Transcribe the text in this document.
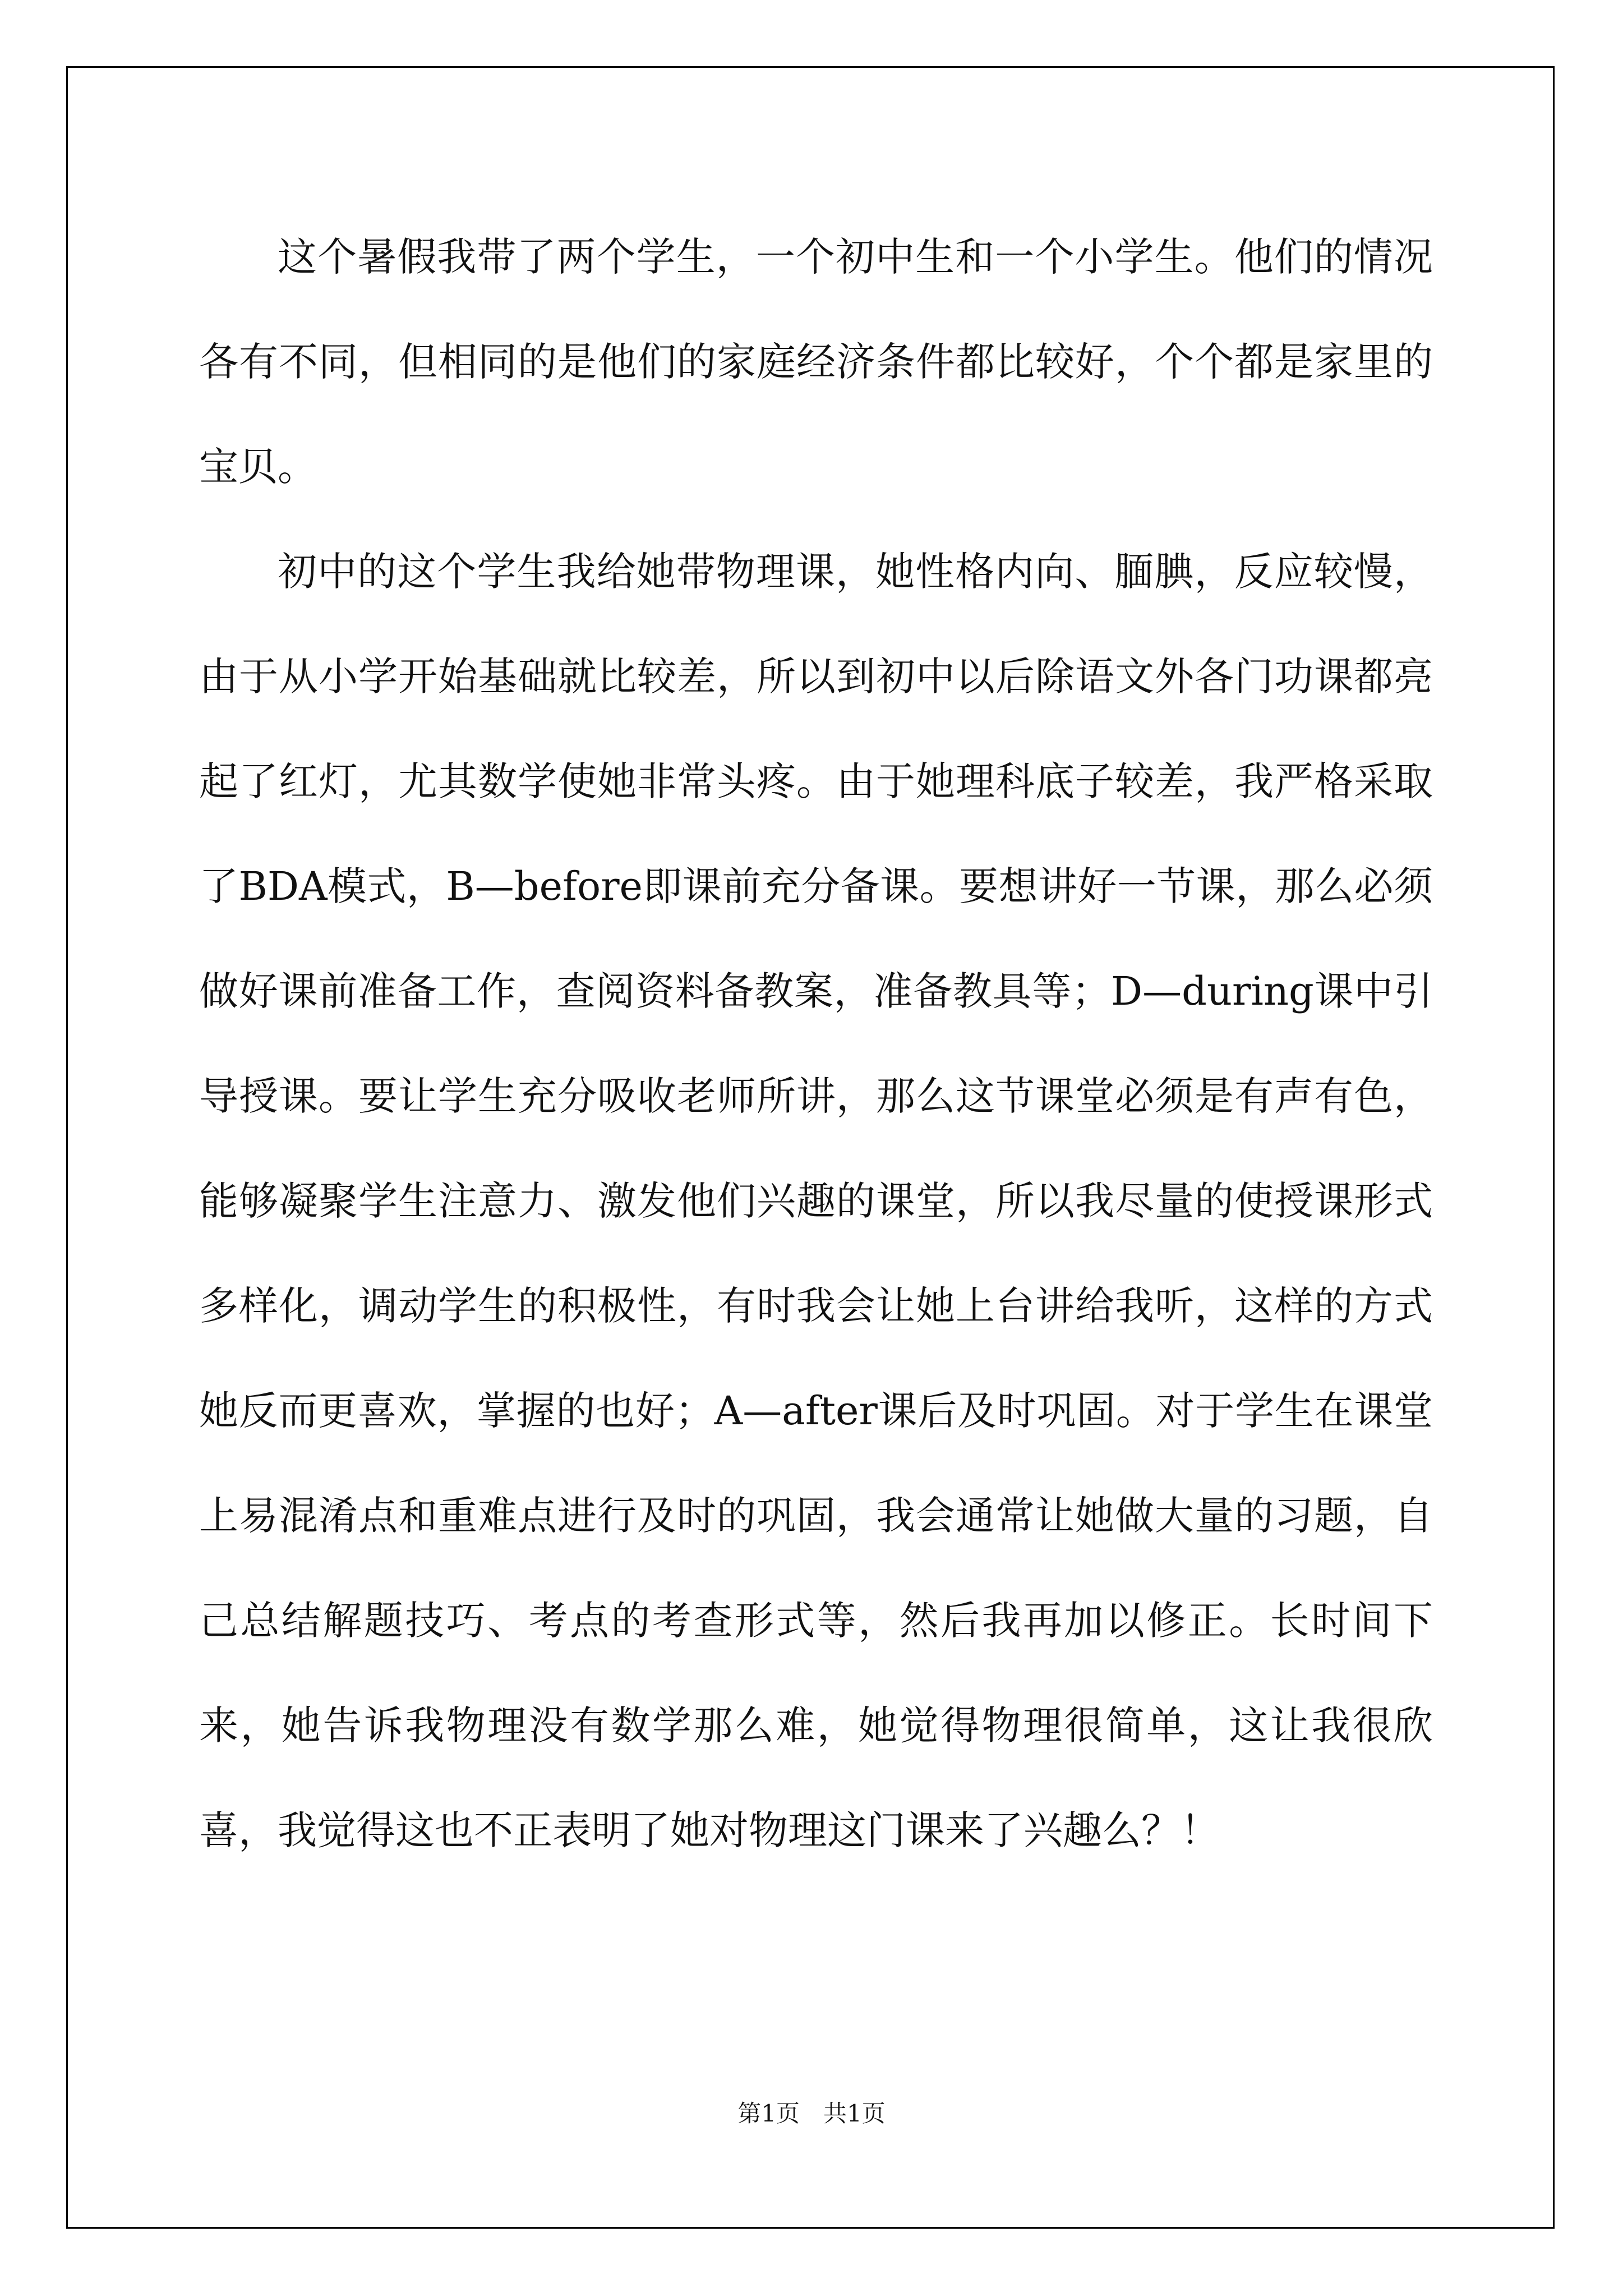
这个暑假我带了两个学生，一个初中生和一个小学生。他们的情况各有不同，但相同的是他们的家庭经济条件都比较好，个个都是家里的宝贝。

初中的这个学生我给她带物理课，她性格内向、腼腆，反应较慢，由于从小学开始基础就比较差，所以到初中以后除语文外各门功课都亮起了红灯，尤其数学使她非常头疼。由于她理科底子较差，我严格采取了BDA模式，B—before即课前充分备课。要想讲好一节课，那么必须做好课前准备工作，查阅资料备教案，准备教具等；D—during课中引导授课。要让学生充分吸收老师所讲，那么这节课堂必须是有声有色，能够凝聚学生注意力、激发他们兴趣的课堂，所以我尽量的使授课形式多样化，调动学生的积极性，有时我会让她上台讲给我听，这样的方式她反而更喜欢，掌握的也好；A—after课后及时巩固。对于学生在课堂上易混淆点和重难点进行及时的巩固，我会通常让她做大量的习题，自己总结解题技巧、考点的考查形式等，然后我再加以修正。长时间下来，她告诉我物理没有数学那么难，她觉得物理很简单，这让我很欣喜，我觉得这也不正表明了她对物理这门课来了兴趣么？！

第1页　共1页
